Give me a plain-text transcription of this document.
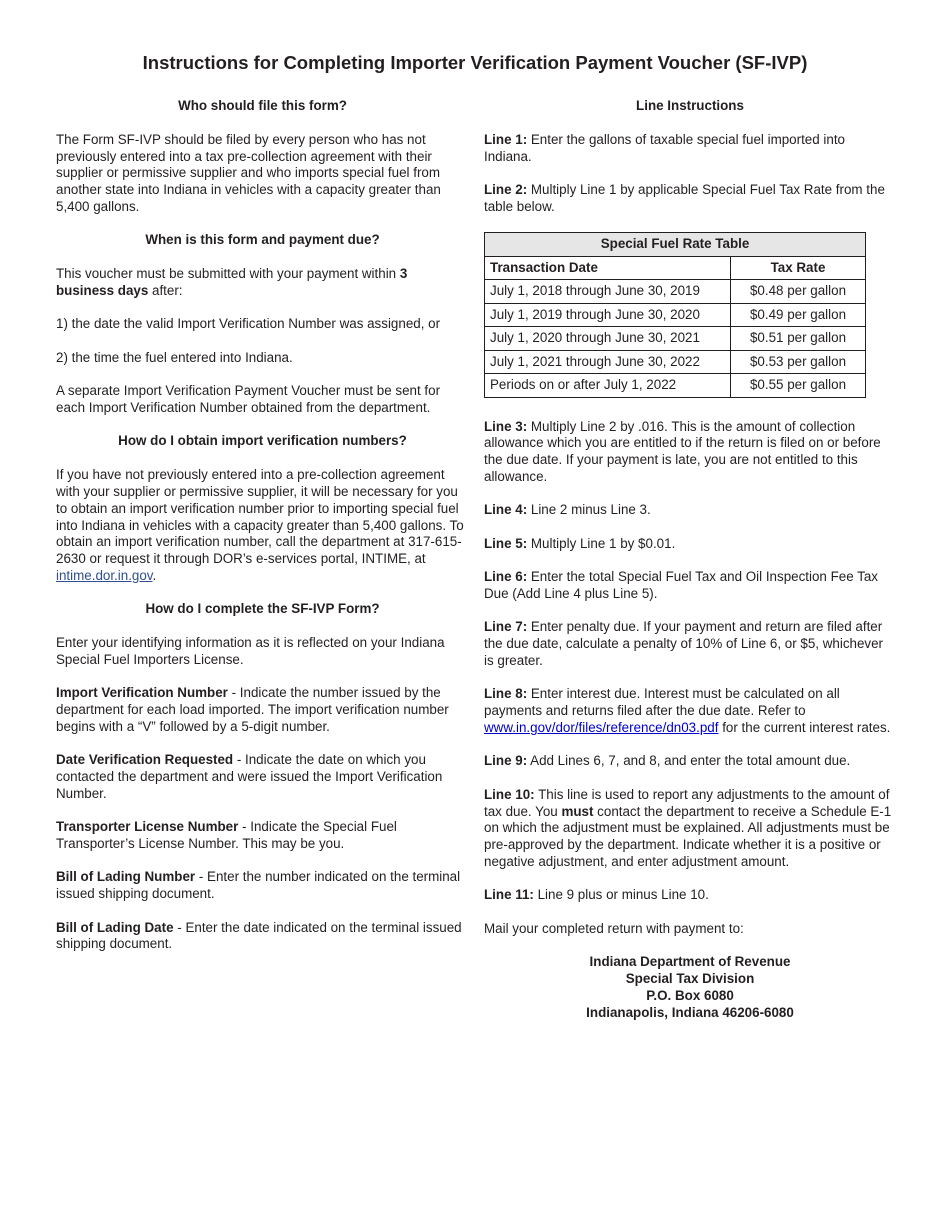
Instructions for Completing Importer Verification Payment Voucher (SF-IVP)
Who should file this form?

The Form SF-IVP should be filed by every person who has not previously entered into a tax pre-collection agreement with their supplier or permissive supplier and who imports special fuel from another state into Indiana in vehicles with a capacity greater than 5,400 gallons.

When is this form and payment due?

This voucher must be submitted with your payment within 3 business days after:

1) the date the valid Import Verification Number was assigned, or

2) the time the fuel entered into Indiana.

A separate Import Verification Payment Voucher must be sent for each Import Verification Number obtained from the department.

How do I obtain import verification numbers?

If you have not previously entered into a pre-collection agreement with your supplier or permissive supplier, it will be necessary for you to obtain an import verification number prior to importing special fuel into Indiana in vehicles with a capacity greater than 5,400 gallons. To obtain an import verification number, call the department at 317-615-2630 or request it through DOR’s e-services portal, INTIME, at intime.dor.in.gov.

How do I complete the SF-IVP Form?

Enter your identifying information as it is reflected on your Indiana Special Fuel Importers License.

Import Verification Number - Indicate the number issued by the department for each load imported. The import verification number begins with a “V” followed by a 5-digit number.

Date Verification Requested - Indicate the date on which you contacted the department and were issued the Import Verification Number.

Transporter License Number - Indicate the Special Fuel Transporter’s License Number. This may be you.

Bill of Lading Number - Enter the number indicated on the terminal issued shipping document.

Bill of Lading Date - Enter the date indicated on the terminal issued shipping document.

Line Instructions

Line 1: Enter the gallons of taxable special fuel imported into Indiana.

Line 2: Multiply Line 1 by applicable Special Fuel Tax Rate from the table below.

Special Fuel Rate Table	
Transaction Date	Tax Rate
July 1, 2018 through June 30, 2019	$0.48 per gallon
July 1, 2019 through June 30, 2020	$0.49 per gallon
July 1, 2020 through June 30, 2021	$0.51 per gallon
July 1, 2021 through June 30, 2022	$0.53 per gallon
Periods on or after July 1, 2022	$0.55 per gallon

Line 3: Multiply Line 2 by .016. This is the amount of collection allowance which you are entitled to if the return is filed on or before the due date. If your payment is late, you are not entitled to this allowance.

Line 4: Line 2 minus Line 3.

Line 5: Multiply Line 1 by $0.01.

Line 6: Enter the total Special Fuel Tax and Oil Inspection Fee Tax Due (Add Line 4 plus Line 5).

Line 7: Enter penalty due. If your payment and return are filed after the due date, calculate a penalty of 10% of Line 6, or $5, whichever is greater.

Line 8: Enter interest due. Interest must be calculated on all payments and returns filed after the due date. Refer to www.in.gov/dor/files/reference/dn03.pdf for the current interest rates.

Line 9: Add Lines 6, 7, and 8, and enter the total amount due.

Line 10: This line is used to report any adjustments to the amount of tax due. You must contact the department to receive a Schedule E-1 on which the adjustment must be explained. All adjustments must be pre-approved by the department. Indicate whether it is a positive or negative adjustment, and enter adjustment amount.

Line 11: Line 9 plus or minus Line 10.

Mail your completed return with payment to:

Indiana Department of Revenue
Special Tax Division
P.O. Box 6080
Indianapolis, Indiana 46206-6080
